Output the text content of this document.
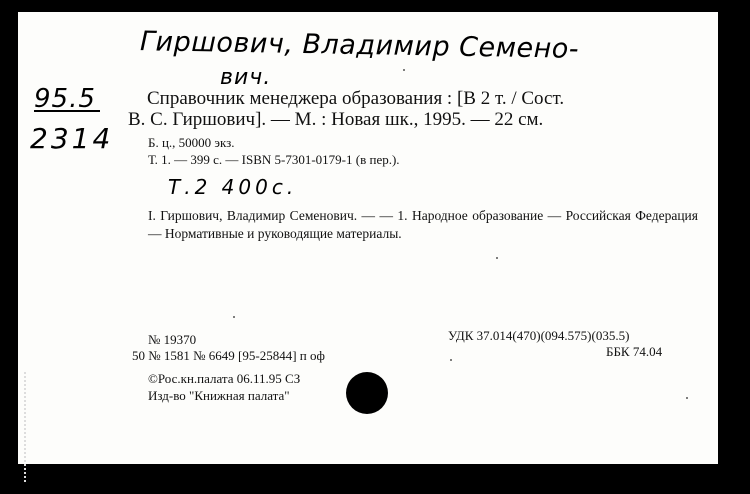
Гиршович, Владимир Семено-
вич.
95.5
2314
Справочник менеджера образования : [В 2 т. / Сост.
В. С. Гиршович]. — М. : Новая шк., 1995. — 22 см.
Б. ц., 50000 экз.
Т. 1. — 399 с. — ISBN 5-7301-0179-1 (в пер.).
Т.2 400с.
I. Гиршович, Владимир Семенович. — — 1. Народное образование — Российская Федерация — Нормативные и руководящие материалы.
№ 19370
50 № 1581 № 6649 [95-25844] п оф
©Рос.кн.палата 06.11.95 СЗ
Изд-во "Книжная палата"
УДК 37.014(470)(094.575)(035.5)
ББК 74.04
